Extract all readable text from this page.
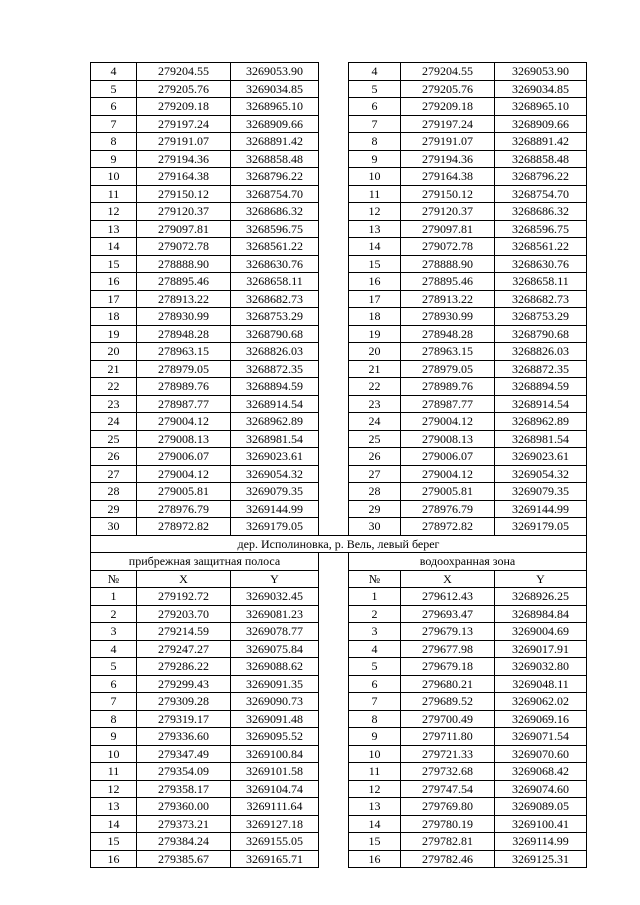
4	279204.55	3269053.90		4	279204.55	3269053.90
5	279205.76	3269034.85		5	279205.76	3269034.85
6	279209.18	3268965.10		6	279209.18	3268965.10
7	279197.24	3268909.66		7	279197.24	3268909.66
8	279191.07	3268891.42		8	279191.07	3268891.42
9	279194.36	3268858.48		9	279194.36	3268858.48
10	279164.38	3268796.22		10	279164.38	3268796.22
11	279150.12	3268754.70		11	279150.12	3268754.70
12	279120.37	3268686.32		12	279120.37	3268686.32
13	279097.81	3268596.75		13	279097.81	3268596.75
14	279072.78	3268561.22		14	279072.78	3268561.22
15	278888.90	3268630.76		15	278888.90	3268630.76
16	278895.46	3268658.11		16	278895.46	3268658.11
17	278913.22	3268682.73		17	278913.22	3268682.73
18	278930.99	3268753.29		18	278930.99	3268753.29
19	278948.28	3268790.68		19	278948.28	3268790.68
20	278963.15	3268826.03		20	278963.15	3268826.03
21	278979.05	3268872.35		21	278979.05	3268872.35
22	278989.76	3268894.59		22	278989.76	3268894.59
23	278987.77	3268914.54		23	278987.77	3268914.54
24	279004.12	3268962.89		24	279004.12	3268962.89
25	279008.13	3268981.54		25	279008.13	3268981.54
26	279006.07	3269023.61		26	279006.07	3269023.61
27	279004.12	3269054.32		27	279004.12	3269054.32
28	279005.81	3269079.35		28	279005.81	3269079.35
29	278976.79	3269144.99		29	278976.79	3269144.99
30	278972.82	3269179.05		30	278972.82	3269179.05
дер. Исполиновка, р. Вель, левый берег						
прибрежная защитная полоса				водоохранная зона		
№	X	Y		№	X	Y
1	279192.72	3269032.45		1	279612.43	3268926.25
2	279203.70	3269081.23		2	279693.47	3268984.84
3	279214.59	3269078.77		3	279679.13	3269004.69
4	279247.27	3269075.84		4	279677.98	3269017.91
5	279286.22	3269088.62		5	279679.18	3269032.80
6	279299.43	3269091.35		6	279680.21	3269048.11
7	279309.28	3269090.73		7	279689.52	3269062.02
8	279319.17	3269091.48		8	279700.49	3269069.16
9	279336.60	3269095.52		9	279711.80	3269071.54
10	279347.49	3269100.84		10	279721.33	3269070.60
11	279354.09	3269101.58		11	279732.68	3269068.42
12	279358.17	3269104.74		12	279747.54	3269074.60
13	279360.00	3269111.64		13	279769.80	3269089.05
14	279373.21	3269127.18		14	279780.19	3269100.41
15	279384.24	3269155.05		15	279782.81	3269114.99
16	279385.67	3269165.71		16	279782.46	3269125.31
